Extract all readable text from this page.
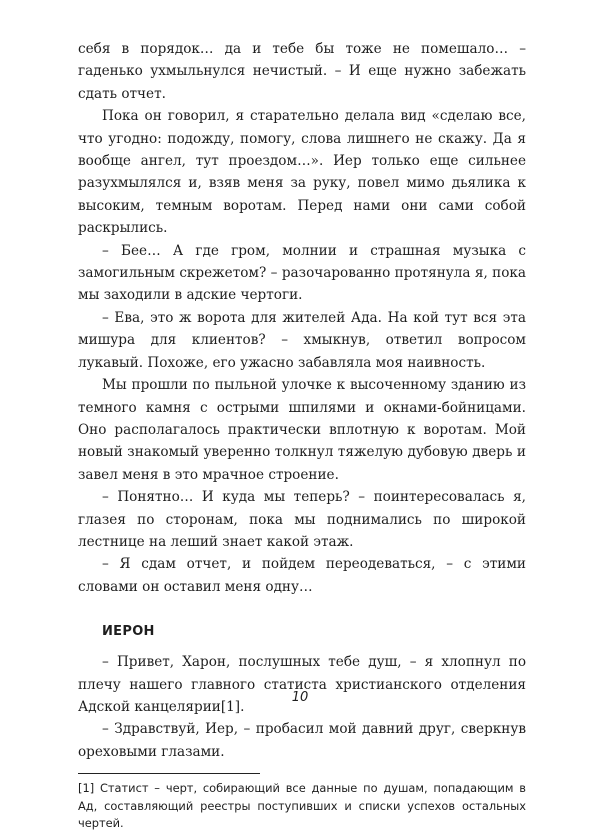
себя в порядок… да и тебе бы тоже не помешало… – гаденько ухмыльнулся нечистый. – И еще нужно забежать сдать отчет.

Пока он говорил, я старательно делала вид «сделаю все, что угодно: подожду, помогу, слова лишнего не скажу. Да я вообще ангел, тут проездом…». Иер только еще сильнее разухмылялся и, взяв меня за руку, повел мимо дьялика к высоким, темным воротам. Перед нами они сами собой раскрылись.

– Бее… А где гром, молнии и страшная музыка с замогильным скрежетом? – разочарованно протянула я, пока мы заходили в адские чертоги.

– Ева, это ж ворота для жителей Ада. На кой тут вся эта мишура для клиентов? – хмыкнув, ответил вопросом лукавый. Похоже, его ужасно забавляла моя наивность.

Мы прошли по пыльной улочке к высоченному зданию из темного камня с острыми шпилями и окнами-бойницами. Оно располагалось практически вплотную к воротам. Мой новый знакомый уверенно толкнул тяжелую дубовую дверь и завел меня в это мрачное строение.

– Понятно… И куда мы теперь? – поинтересовалась я, глазея по сторонам, пока мы поднимались по широкой лестнице на леший знает какой этаж.

– Я сдам отчет, и пойдем переодеваться, – с этими словами он оставил меня одну…

ИЕРОН

– Привет, Харон, послушных тебе душ, – я хлопнул по плечу нашего главного статиста христианского отделения Адской канцелярии[1].

– Здравствуй, Иер, – пробасил мой давний друг, сверкнув ореховыми глазами.

[1] Статист – черт, собирающий все данные по душам, попадающим в Ад, составляющий реестры поступивших и списки успехов остальных чертей.

10
